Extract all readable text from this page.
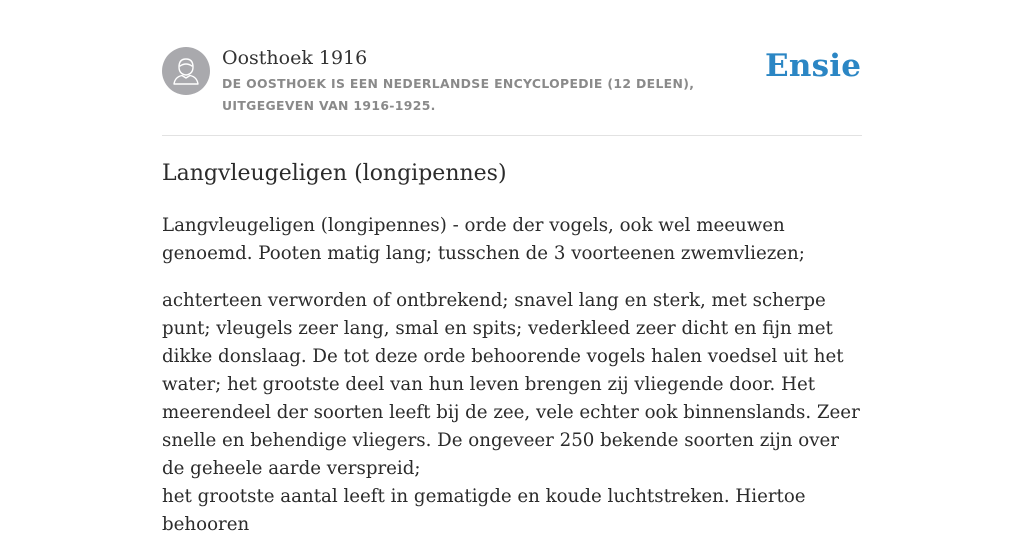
Oosthoek 1916
DE OOSTHOEK IS EEN NEDERLANDSE ENCYCLOPEDIE (12 DELEN), UITGEGEVEN VAN 1916-1925.
Ensie
Langvleugeligen (longipennes)

Langvleugeligen (longipennes) - orde der vogels, ook wel meeuwen genoemd. Pooten matig lang; tusschen de 3 voorteenen zwemvliezen;

achterteen verworden of ontbrekend; snavel lang en sterk, met scherpe punt; vleugels zeer lang, smal en spits; vederkleed zeer dicht en fijn met dikke donslaag. De tot deze orde behoorende vogels halen voedsel uit het water; het grootste deel van hun leven brengen zij vliegende door. Het meerendeel der soorten leeft bij de zee, vele echter ook binnenslands. Zeer snelle en behendige vliegers. De ongeveer 250 bekende soorten zijn over de geheele aarde verspreid;

het grootste aantal leeft in gematigde en koude luchtstreken. Hiertoe behooren
